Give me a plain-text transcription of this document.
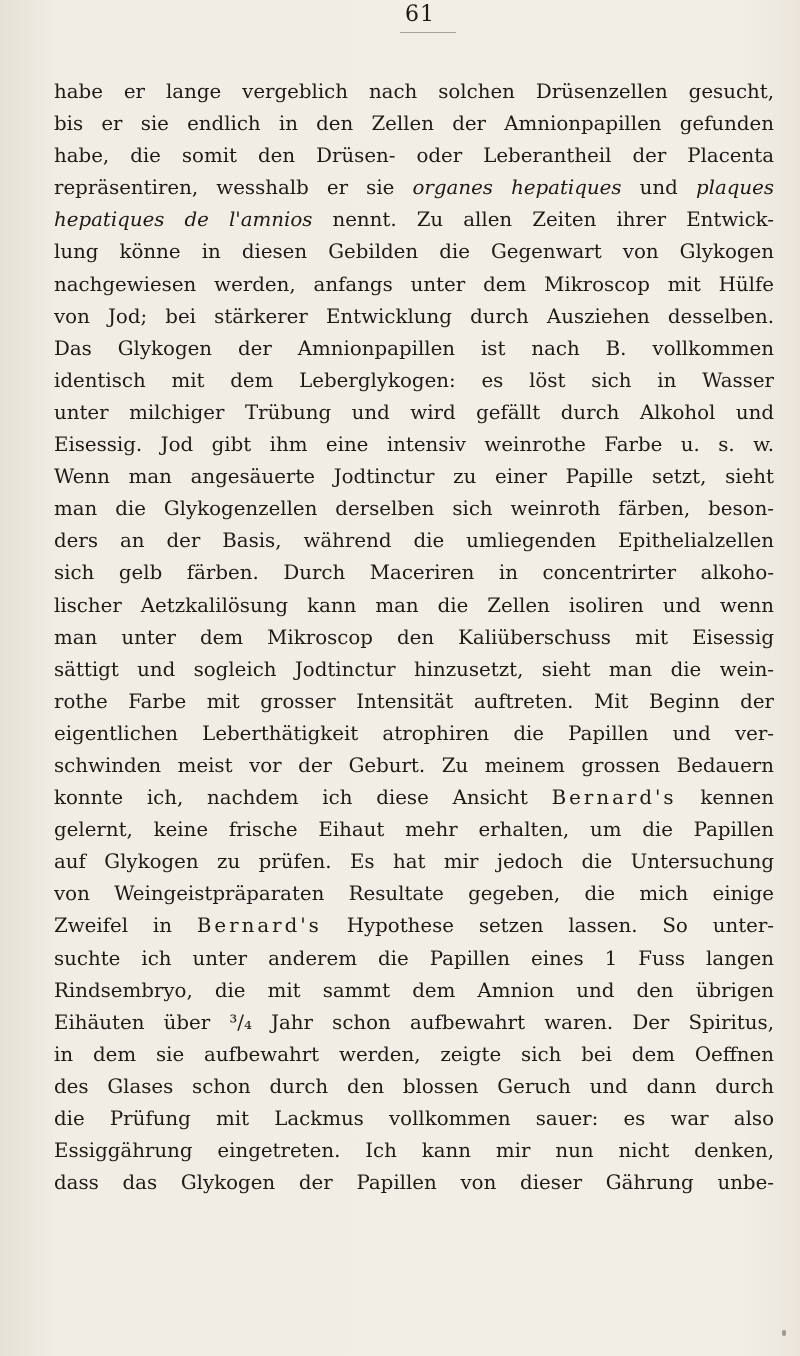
61
habe er lange vergeblich nach solchen Drüsenzellen gesucht,
bis er sie endlich in den Zellen der Amnionpapillen gefunden
habe, die somit den Drüsen- oder Leberantheil der Placenta
repräsentiren, wesshalb er sie organes hepatiques und plaques
hepatiques de l'amnios nennt. Zu allen Zeiten ihrer Entwick-
lung könne in diesen Gebilden die Gegenwart von Glykogen
nachgewiesen werden, anfangs unter dem Mikroscop mit Hülfe
von Jod; bei stärkerer Entwicklung durch Ausziehen desselben.
Das Glykogen der Amnionpapillen ist nach B. vollkommen
identisch mit dem Leberglykogen: es löst sich in Wasser
unter milchiger Trübung und wird gefällt durch Alkohol und
Eisessig. Jod gibt ihm eine intensiv weinrothe Farbe u. s. w.
Wenn man angesäuerte Jodtinctur zu einer Papille setzt, sieht
man die Glykogenzellen derselben sich weinroth färben, beson-
ders an der Basis, während die umliegenden Epithelialzellen
sich gelb färben. Durch Maceriren in concentrirter alkoho-
lischer Aetzkalilösung kann man die Zellen isoliren und wenn
man unter dem Mikroscop den Kaliüberschuss mit Eisessig
sättigt und sogleich Jodtinctur hinzusetzt, sieht man die wein-
rothe Farbe mit grosser Intensität auftreten. Mit Beginn der
eigentlichen Leberthätigkeit atrophiren die Papillen und ver-
schwinden meist vor der Geburt. Zu meinem grossen Bedauern
konnte ich, nachdem ich diese Ansicht Bernard's kennen
gelernt, keine frische Eihaut mehr erhalten, um die Papillen
auf Glykogen zu prüfen. Es hat mir jedoch die Untersuchung
von Weingeistpräparaten Resultate gegeben, die mich einige
Zweifel in Bernard's Hypothese setzen lassen. So unter-
suchte ich unter anderem die Papillen eines 1 Fuss langen
Rindsembryo, die mit sammt dem Amnion und den übrigen
Eihäuten über ³/₄ Jahr schon aufbewahrt waren. Der Spiritus,
in dem sie aufbewahrt werden, zeigte sich bei dem Oeffnen
des Glases schon durch den blossen Geruch und dann durch
die Prüfung mit Lackmus vollkommen sauer: es war also
Essiggährung eingetreten. Ich kann mir nun nicht denken,
dass das Glykogen der Papillen von dieser Gährung unbe-
